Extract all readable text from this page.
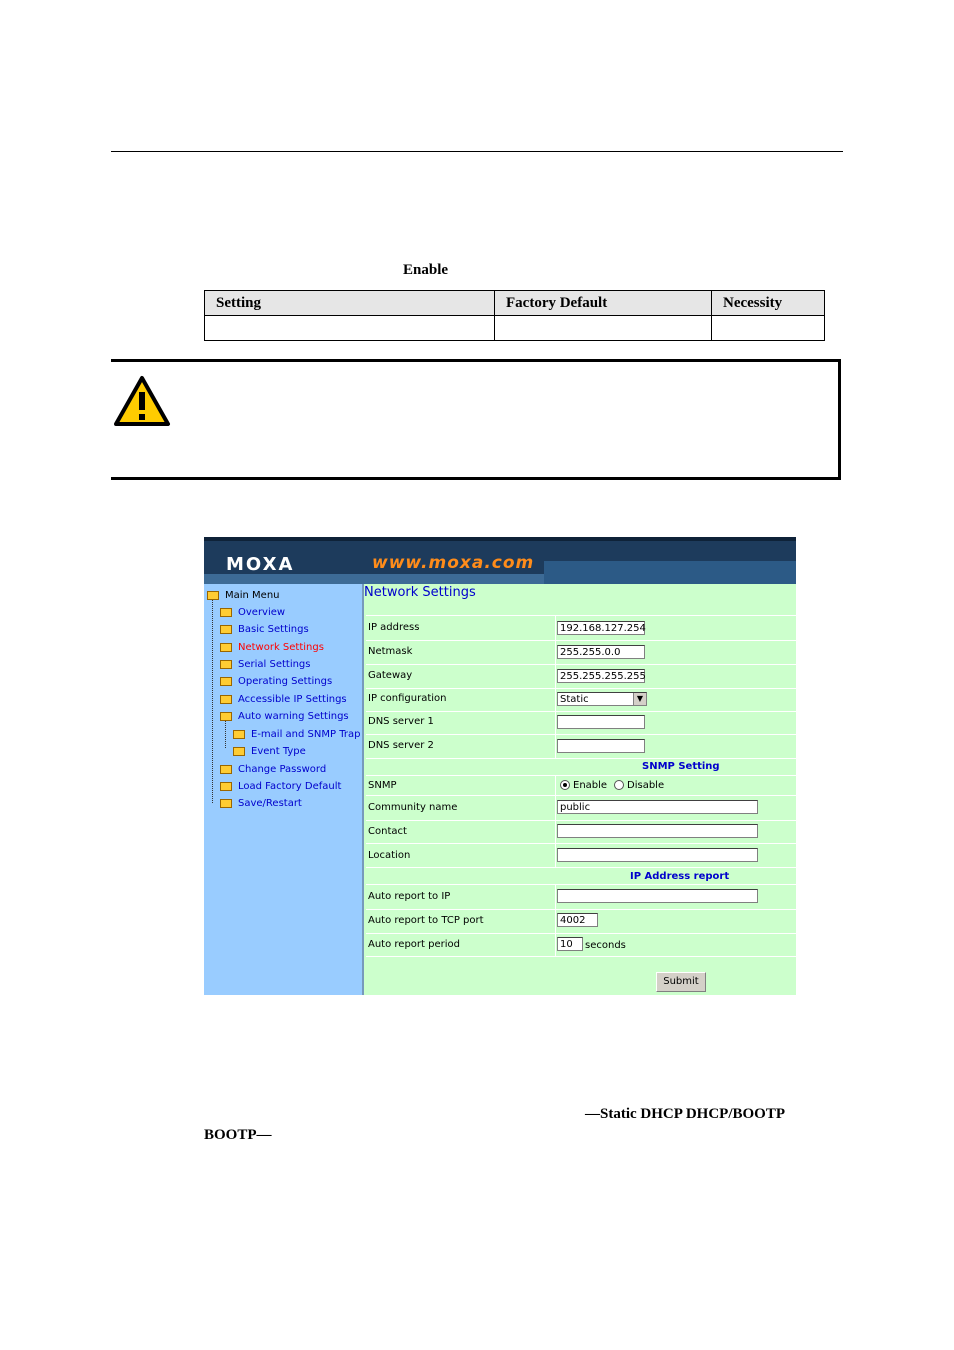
Enable
Setting	Factory Default	Necessity

MOXA	www.moxa.com
Main Menu
Overview
Basic Settings
Network Settings
Serial Settings
Operating Settings
Accessible IP Settings
Auto warning Settings
E-mail and SNMP Trap
Event Type
Change Password
Load Factory Default
Save/Restart
Network Settings
IP address	192.168.127.254
Netmask	255.255.0.0
Gateway	255.255.255.255
IP configuration	Static	▼
DNS server 1
DNS server 2
SNMP Setting
SNMP	Enable	Disable
Community name	public
Contact
Location
IP Address report
Auto report to IP
Auto report to TCP port	4002
Auto report period	10	seconds
Submit
—Static DHCP DHCP/BOOTP
BOOTP—
